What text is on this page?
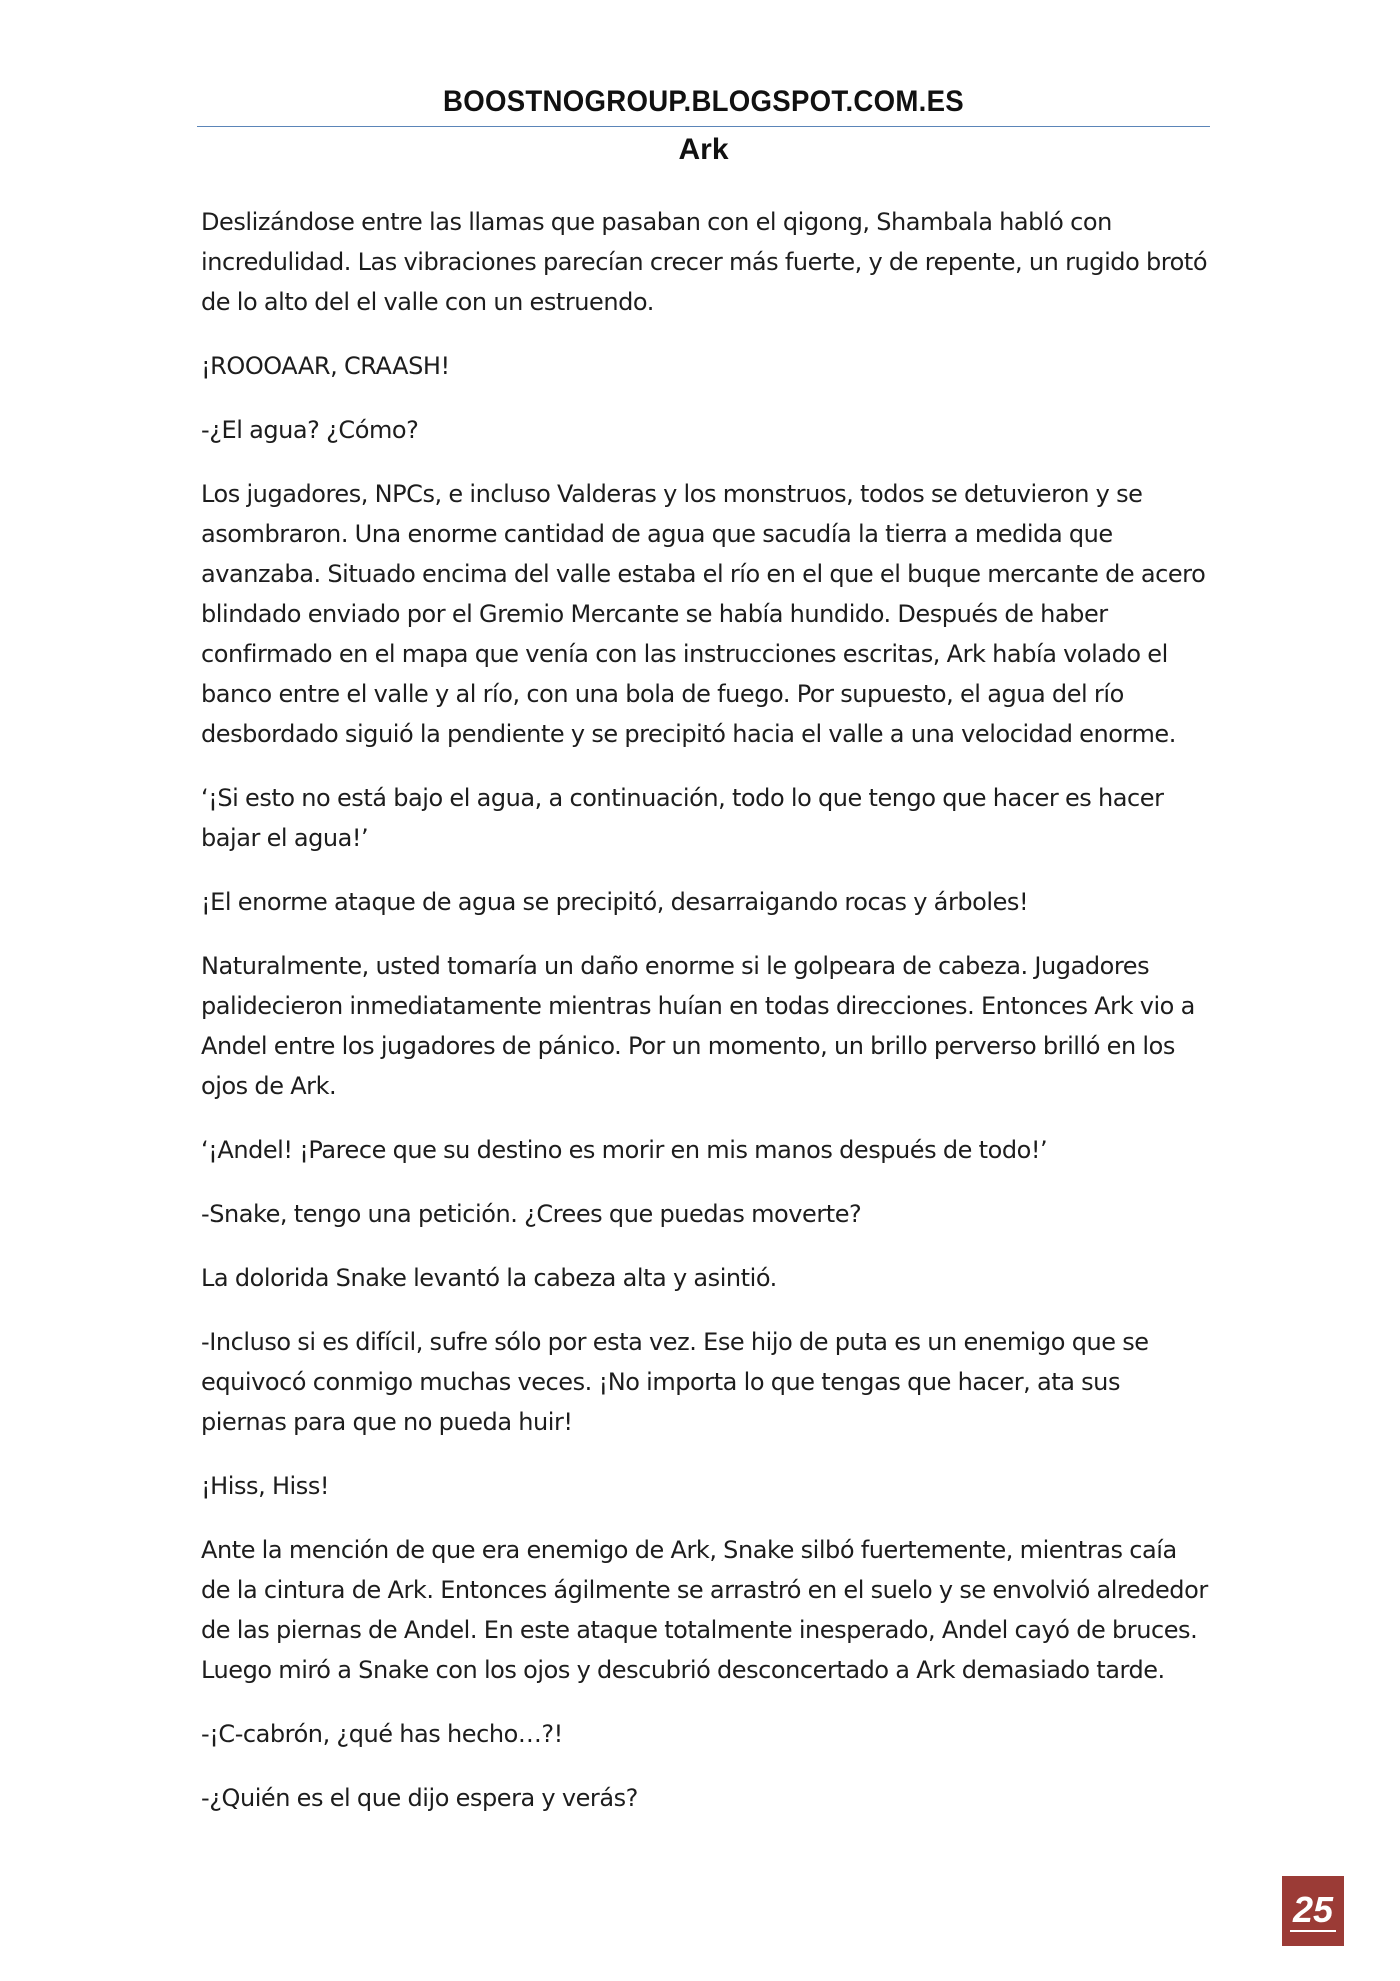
BOOSTNOGROUP.BLOGSPOT.COM.ES
Ark

Deslizándose entre las llamas que pasaban con el qigong, Shambala habló con incredulidad. Las vibraciones parecían crecer más fuerte, y de repente, un rugido brotó de lo alto del el valle con un estruendo.

¡ROOOAAR, CRAASH!

-¿El agua? ¿Cómo?

Los jugadores, NPCs, e incluso Valderas y los monstruos, todos se detuvieron y se asombraron. Una enorme cantidad de agua que sacudía la tierra a medida que avanzaba. Situado encima del valle estaba el río en el que el buque mercante de acero blindado enviado por el Gremio Mercante se había hundido. Después de haber confirmado en el mapa que venía con las instrucciones escritas, Ark había volado el banco entre el valle y al río, con una bola de fuego. Por supuesto, el agua del río desbordado siguió la pendiente y se precipitó hacia el valle a una velocidad enorme.

‘¡Si esto no está bajo el agua, a continuación, todo lo que tengo que hacer es hacer bajar el agua!’

¡El enorme ataque de agua se precipitó, desarraigando rocas y árboles!

Naturalmente, usted tomaría un daño enorme si le golpeara de cabeza. Jugadores palidecieron inmediatamente mientras huían en todas direcciones. Entonces Ark vio a Andel entre los jugadores de pánico. Por un momento, un brillo perverso brilló en los ojos de Ark.

‘¡Andel! ¡Parece que su destino es morir en mis manos después de todo!’

-Snake, tengo una petición. ¿Crees que puedas moverte?

La dolorida Snake levantó la cabeza alta y asintió.

-Incluso si es difícil, sufre sólo por esta vez. Ese hijo de puta es un enemigo que se equivocó conmigo muchas veces. ¡No importa lo que tengas que hacer, ata sus piernas para que no pueda huir!

¡Hiss, Hiss!

Ante la mención de que era enemigo de Ark, Snake silbó fuertemente, mientras caía de la cintura de Ark. Entonces ágilmente se arrastró en el suelo y se envolvió alrededor de las piernas de Andel. En este ataque totalmente inesperado, Andel cayó de bruces. Luego miró a Snake con los ojos y descubrió desconcertado a Ark demasiado tarde.

-¡C-cabrón, ¿qué has hecho…?!

-¿Quién es el que dijo espera y verás?

25
